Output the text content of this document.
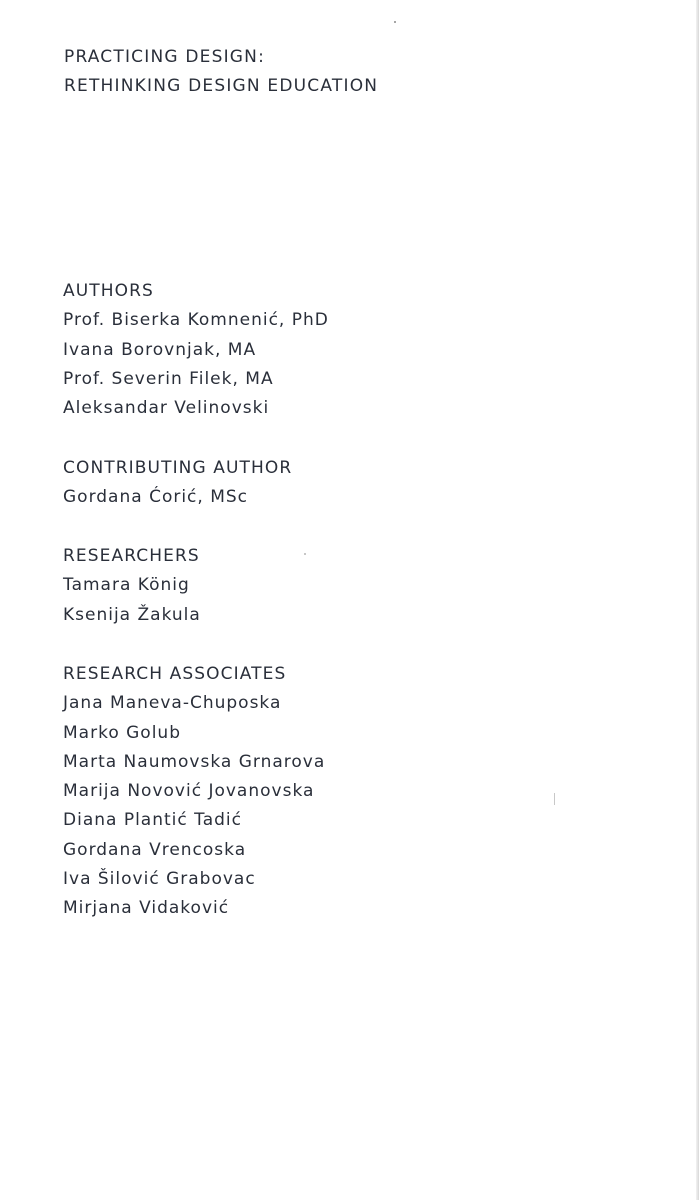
PRACTICING DESIGN:
RETHINKING DESIGN EDUCATION
AUTHORS
Prof. Biserka Komnenić, PhD
Ivana Borovnjak, MA
Prof. Severin Filek, MA
Aleksandar Velinovski
CONTRIBUTING AUTHOR
Gordana Ćorić, MSc
RESEARCHERS
Tamara König
Ksenija Žakula
RESEARCH ASSOCIATES
Jana Maneva-Chuposka
Marko Golub
Marta Naumovska Grnarova
Marija Novović Jovanovska
Diana Plantić Tadić
Gordana Vrencoska
Iva Šilović Grabovac
Mirjana Vidaković
